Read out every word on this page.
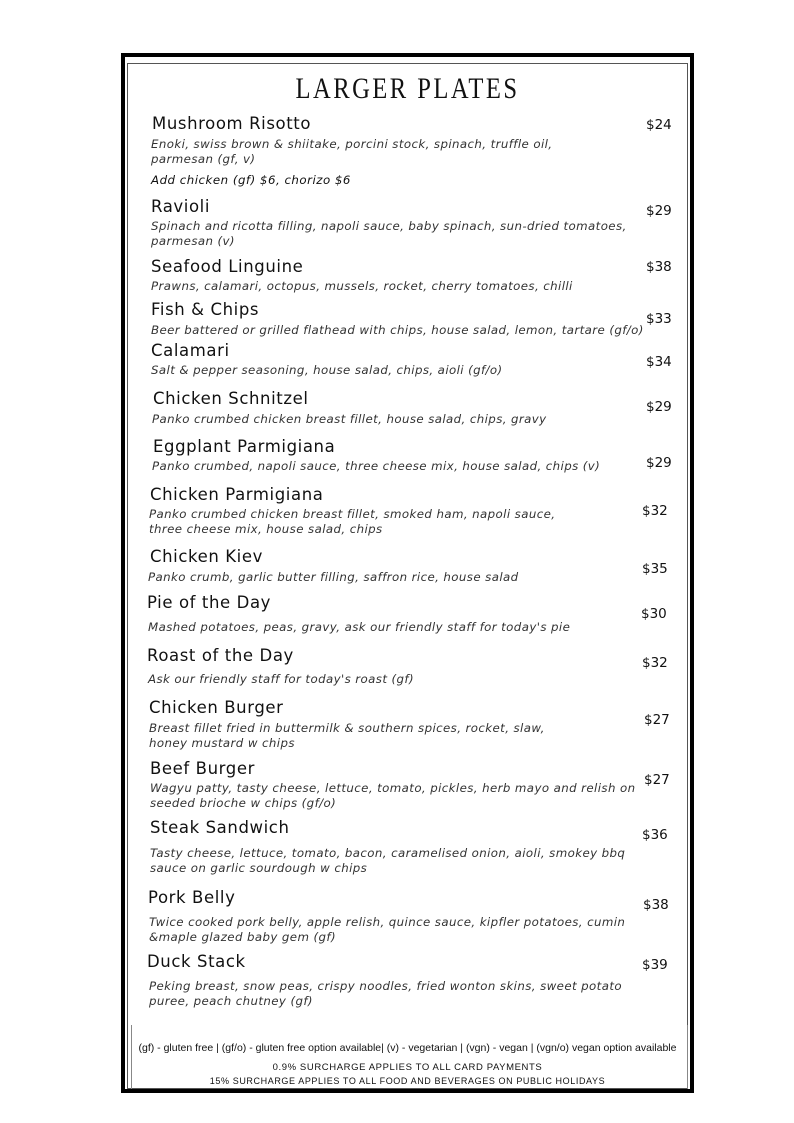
LARGER PLATES
Mushroom Risotto
Enoki, swiss brown & shiitake, porcini stock, spinach, truffle oil,
parmesan (gf, v)
$24
Add chicken (gf) $6, chorizo $6
Ravioli
Spinach and ricotta filling, napoli sauce, baby spinach, sun-dried tomatoes,
parmesan (v)
$29
Seafood Linguine
Prawns, calamari, octopus, mussels, rocket, cherry tomatoes, chilli
$38
Fish & Chips
Beer battered or grilled flathead with chips, house salad, lemon, tartare (gf/o)
$33
Calamari
Salt & pepper seasoning, house salad, chips, aioli (gf/o)	$34
Chicken Schnitzel
Panko crumbed chicken breast fillet, house salad, chips, gravy
$29
Eggplant Parmigiana
Panko crumbed, napoli sauce, three cheese mix, house salad, chips (v)	$29
Chicken Parmigiana
Panko crumbed chicken breast fillet, smoked ham, napoli sauce,
three cheese mix, house salad, chips
$32
Chicken Kiev
Panko crumb, garlic butter filling, saffron rice, house salad	$35
Pie of the Day
Mashed potatoes, peas, gravy, ask our friendly staff for today's pie
$30
Roast of the Day
Ask our friendly staff for today's roast (gf)
$32
Chicken Burger
Breast fillet fried in buttermilk & southern spices, rocket, slaw,
honey mustard w chips
$27
Beef Burger
Wagyu patty, tasty cheese, lettuce, tomato, pickles, herb mayo and relish on
seeded brioche w chips (gf/o)
$27
Steak Sandwich
Tasty cheese, lettuce, tomato, bacon, caramelised onion, aioli, smokey bbq
sauce on garlic sourdough w chips
$36
Pork Belly
Twice cooked pork belly, apple relish, quince sauce, kipfler potatoes, cumin
&maple glazed baby gem (gf)
$38
Duck Stack
Peking breast, snow peas, crispy noodles, fried wonton skins, sweet potato
puree, peach chutney (gf)
$39
(gf) - gluten free | (gf/o) - gluten free option available| (v) - vegetarian | (vgn) - vegan | (vgn/o) vegan option available
0.9% SURCHARGE APPLIES TO ALL CARD PAYMENTS
15% SURCHARGE APPLIES TO ALL FOOD AND BEVERAGES ON PUBLIC HOLIDAYS
